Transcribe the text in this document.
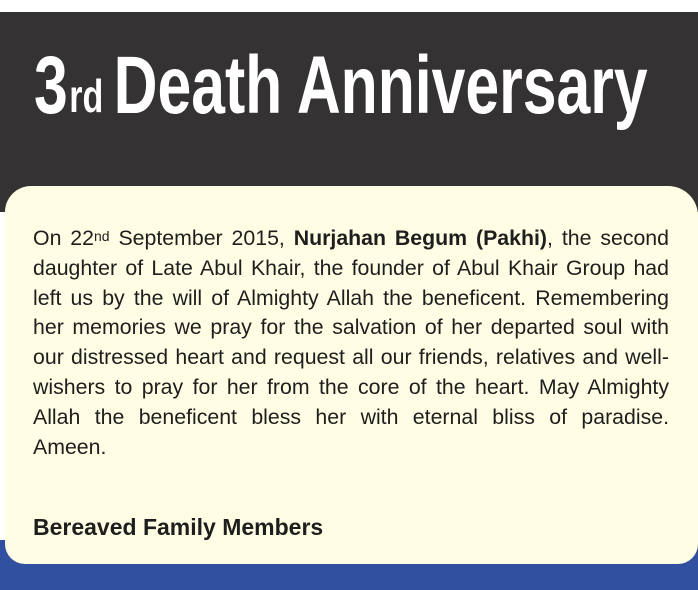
3rd Death Anniversary

On 22nd September 2015, Nurjahan Begum (Pakhi), the second daughter of Late Abul Khair, the founder of Abul Khair Group had left us by the will of Almighty Allah the beneficent. Remembering her memories we pray for the salvation of her departed soul with our distressed heart and request all our friends, relatives and well-wishers to pray for her from the core of the heart. May Almighty Allah the beneficent bless her with eternal bliss of paradise. Ameen.

Bereaved Family Members
